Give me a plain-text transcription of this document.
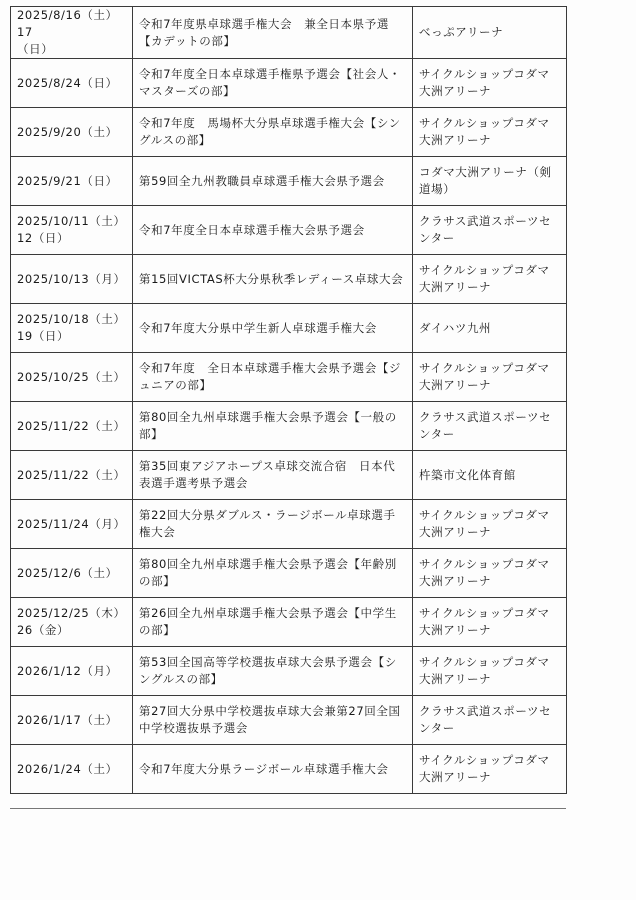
2025/8/16（土）17
（日）	令和7年度県卓球選手権大会　兼全日本県予選【カデットの部】	べっぷアリーナ
2025/8/24（日）	令和7年度全日本卓球選手権県予選会【社会人・マスターズの部】	サイクルショップコダマ
大洲アリーナ
2025/9/20（土）	令和7年度　馬場杯大分県卓球選手権大会【シングルスの部】	サイクルショップコダマ
大洲アリーナ
2025/9/21（日）	第59回全九州教職員卓球選手権大会県予選会	コダマ大洲アリーナ（剣
道場）
2025/10/11（土）
12（日）	令和7年度全日本卓球選手権大会県予選会	クラサス武道スポーツセ
ンター
2025/10/13（月）	第15回VICTAS杯大分県秋季レディース卓球大会	サイクルショップコダマ
大洲アリーナ
2025/10/18（土）
19（日）	令和7年度大分県中学生新人卓球選手権大会	ダイハツ九州
2025/10/25（土）	令和7年度　全日本卓球選手権大会県予選会【ジュニアの部】	サイクルショップコダマ
大洲アリーナ
2025/11/22（土）	第80回全九州卓球選手権大会県予選会【一般の部】	クラサス武道スポーツセ
ンター
2025/11/22（土）	第35回東アジアホープス卓球交流合宿　日本代表選手選考県予選会	杵築市文化体育館
2025/11/24（月）	第22回大分県ダブルス・ラージボール卓球選手権大会	サイクルショップコダマ
大洲アリーナ
2025/12/6（土）	第80回全九州卓球選手権大会県予選会【年齢別の部】	サイクルショップコダマ
大洲アリーナ
2025/12/25（木）
26（金）	第26回全九州卓球選手権大会県予選会【中学生の部】	サイクルショップコダマ
大洲アリーナ
2026/1/12（月）	第53回全国高等学校選抜卓球大会県予選会【シングルスの部】	サイクルショップコダマ
大洲アリーナ
2026/1/17（土）	第27回大分県中学校選抜卓球大会兼第27回全国中学校選抜県予選会	クラサス武道スポーツセ
ンター
2026/1/24（土）	令和7年度大分県ラージボール卓球選手権大会	サイクルショップコダマ
大洲アリーナ
